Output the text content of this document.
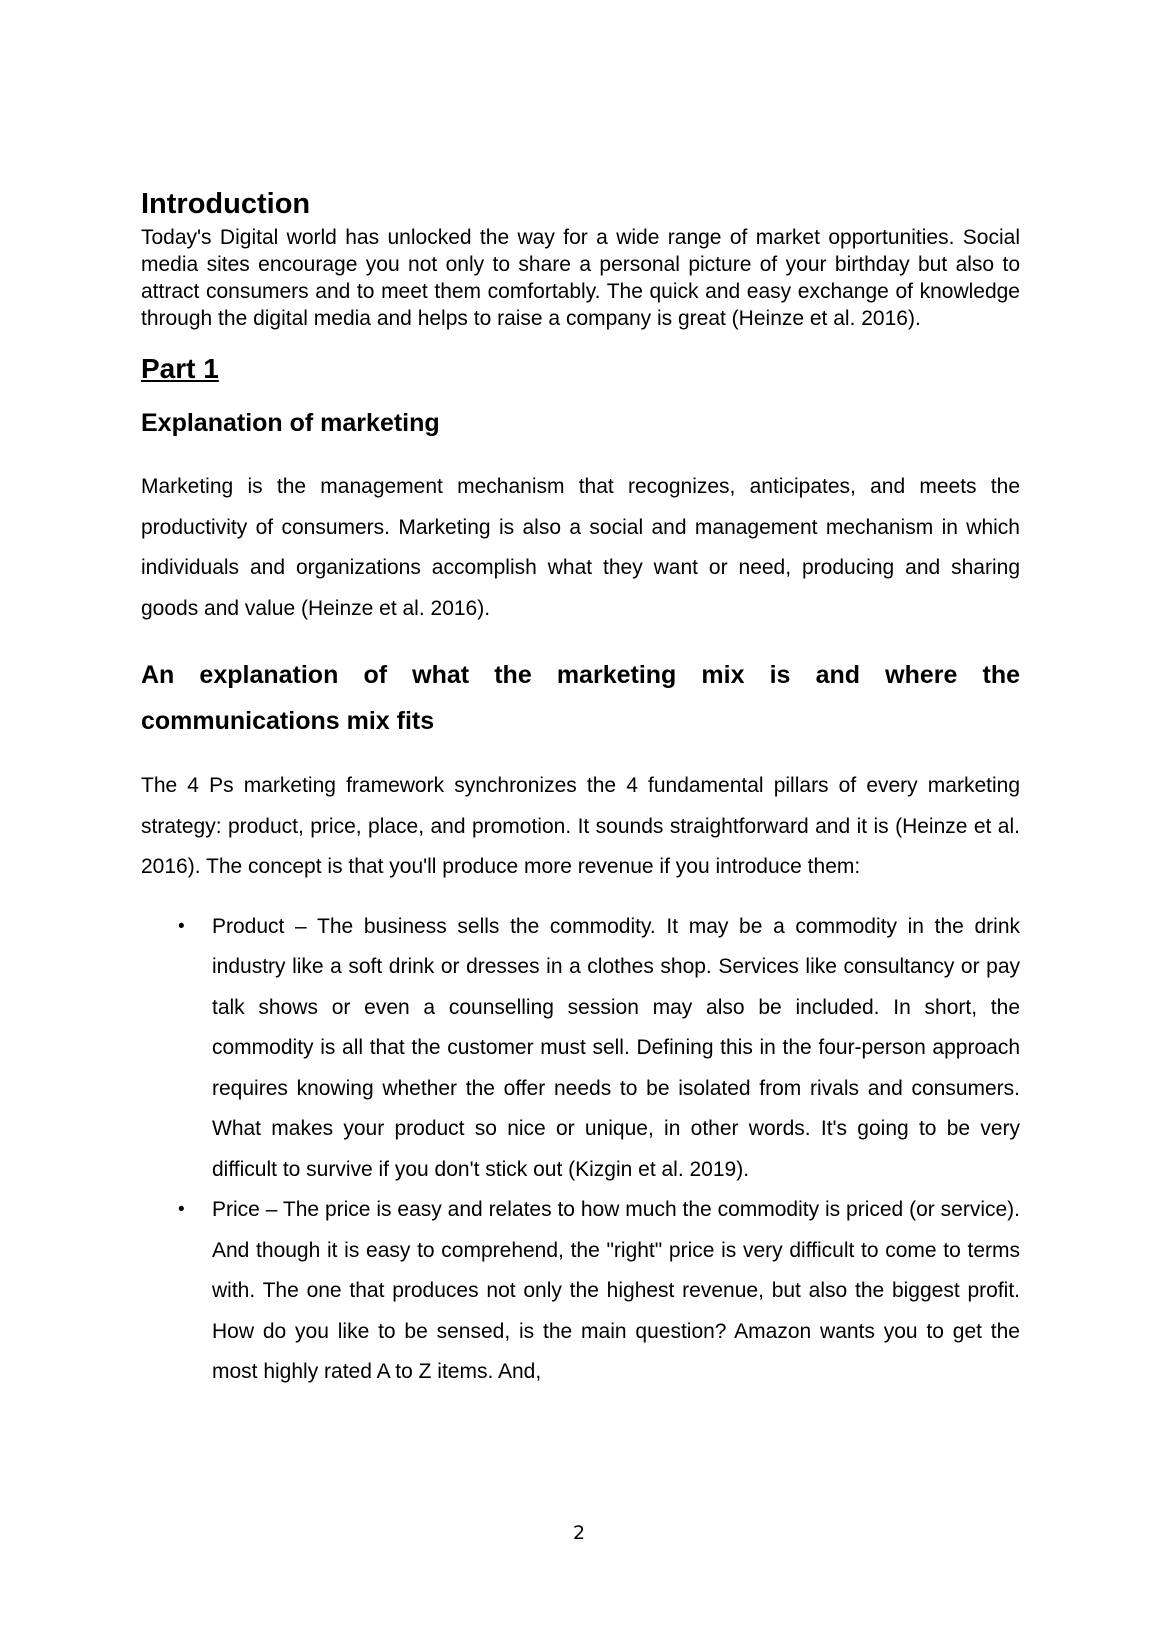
Introduction

Today's Digital world has unlocked the way for a wide range of market opportunities. Social media sites encourage you not only to share a personal picture of your birthday but also to attract consumers and to meet them comfortably. The quick and easy exchange of knowledge through the digital media and helps to raise a company is great (Heinze et al. 2016).

Part 1
Explanation of marketing

Marketing is the management mechanism that recognizes, anticipates, and meets the productivity of consumers. Marketing is also a social and management mechanism in which individuals and organizations accomplish what they want or need, producing and sharing goods and value (Heinze et al. 2016).

An explanation of what the marketing mix is and where the communications mix fits

The 4 Ps marketing framework synchronizes the 4 fundamental pillars of every marketing strategy: product, price, place, and promotion. It sounds straightforward and it is (Heinze et al. 2016). The concept is that you'll produce more revenue if you introduce them:

• Product – The business sells the commodity. It may be a commodity in the drink industry like a soft drink or dresses in a clothes shop. Services like consultancy or pay talk shows or even a counselling session may also be included. In short, the commodity is all that the customer must sell. Defining this in the four-person approach requires knowing whether the offer needs to be isolated from rivals and consumers. What makes your product so nice or unique, in other words. It's going to be very difficult to survive if you don't stick out (Kizgin et al. 2019).
• Price – The price is easy and relates to how much the commodity is priced (or service). And though it is easy to comprehend, the "right" price is very difficult to come to terms with. The one that produces not only the highest revenue, but also the biggest profit. How do you like to be sensed, is the main question? Amazon wants you to get the most highly rated A to Z items. And,
2
